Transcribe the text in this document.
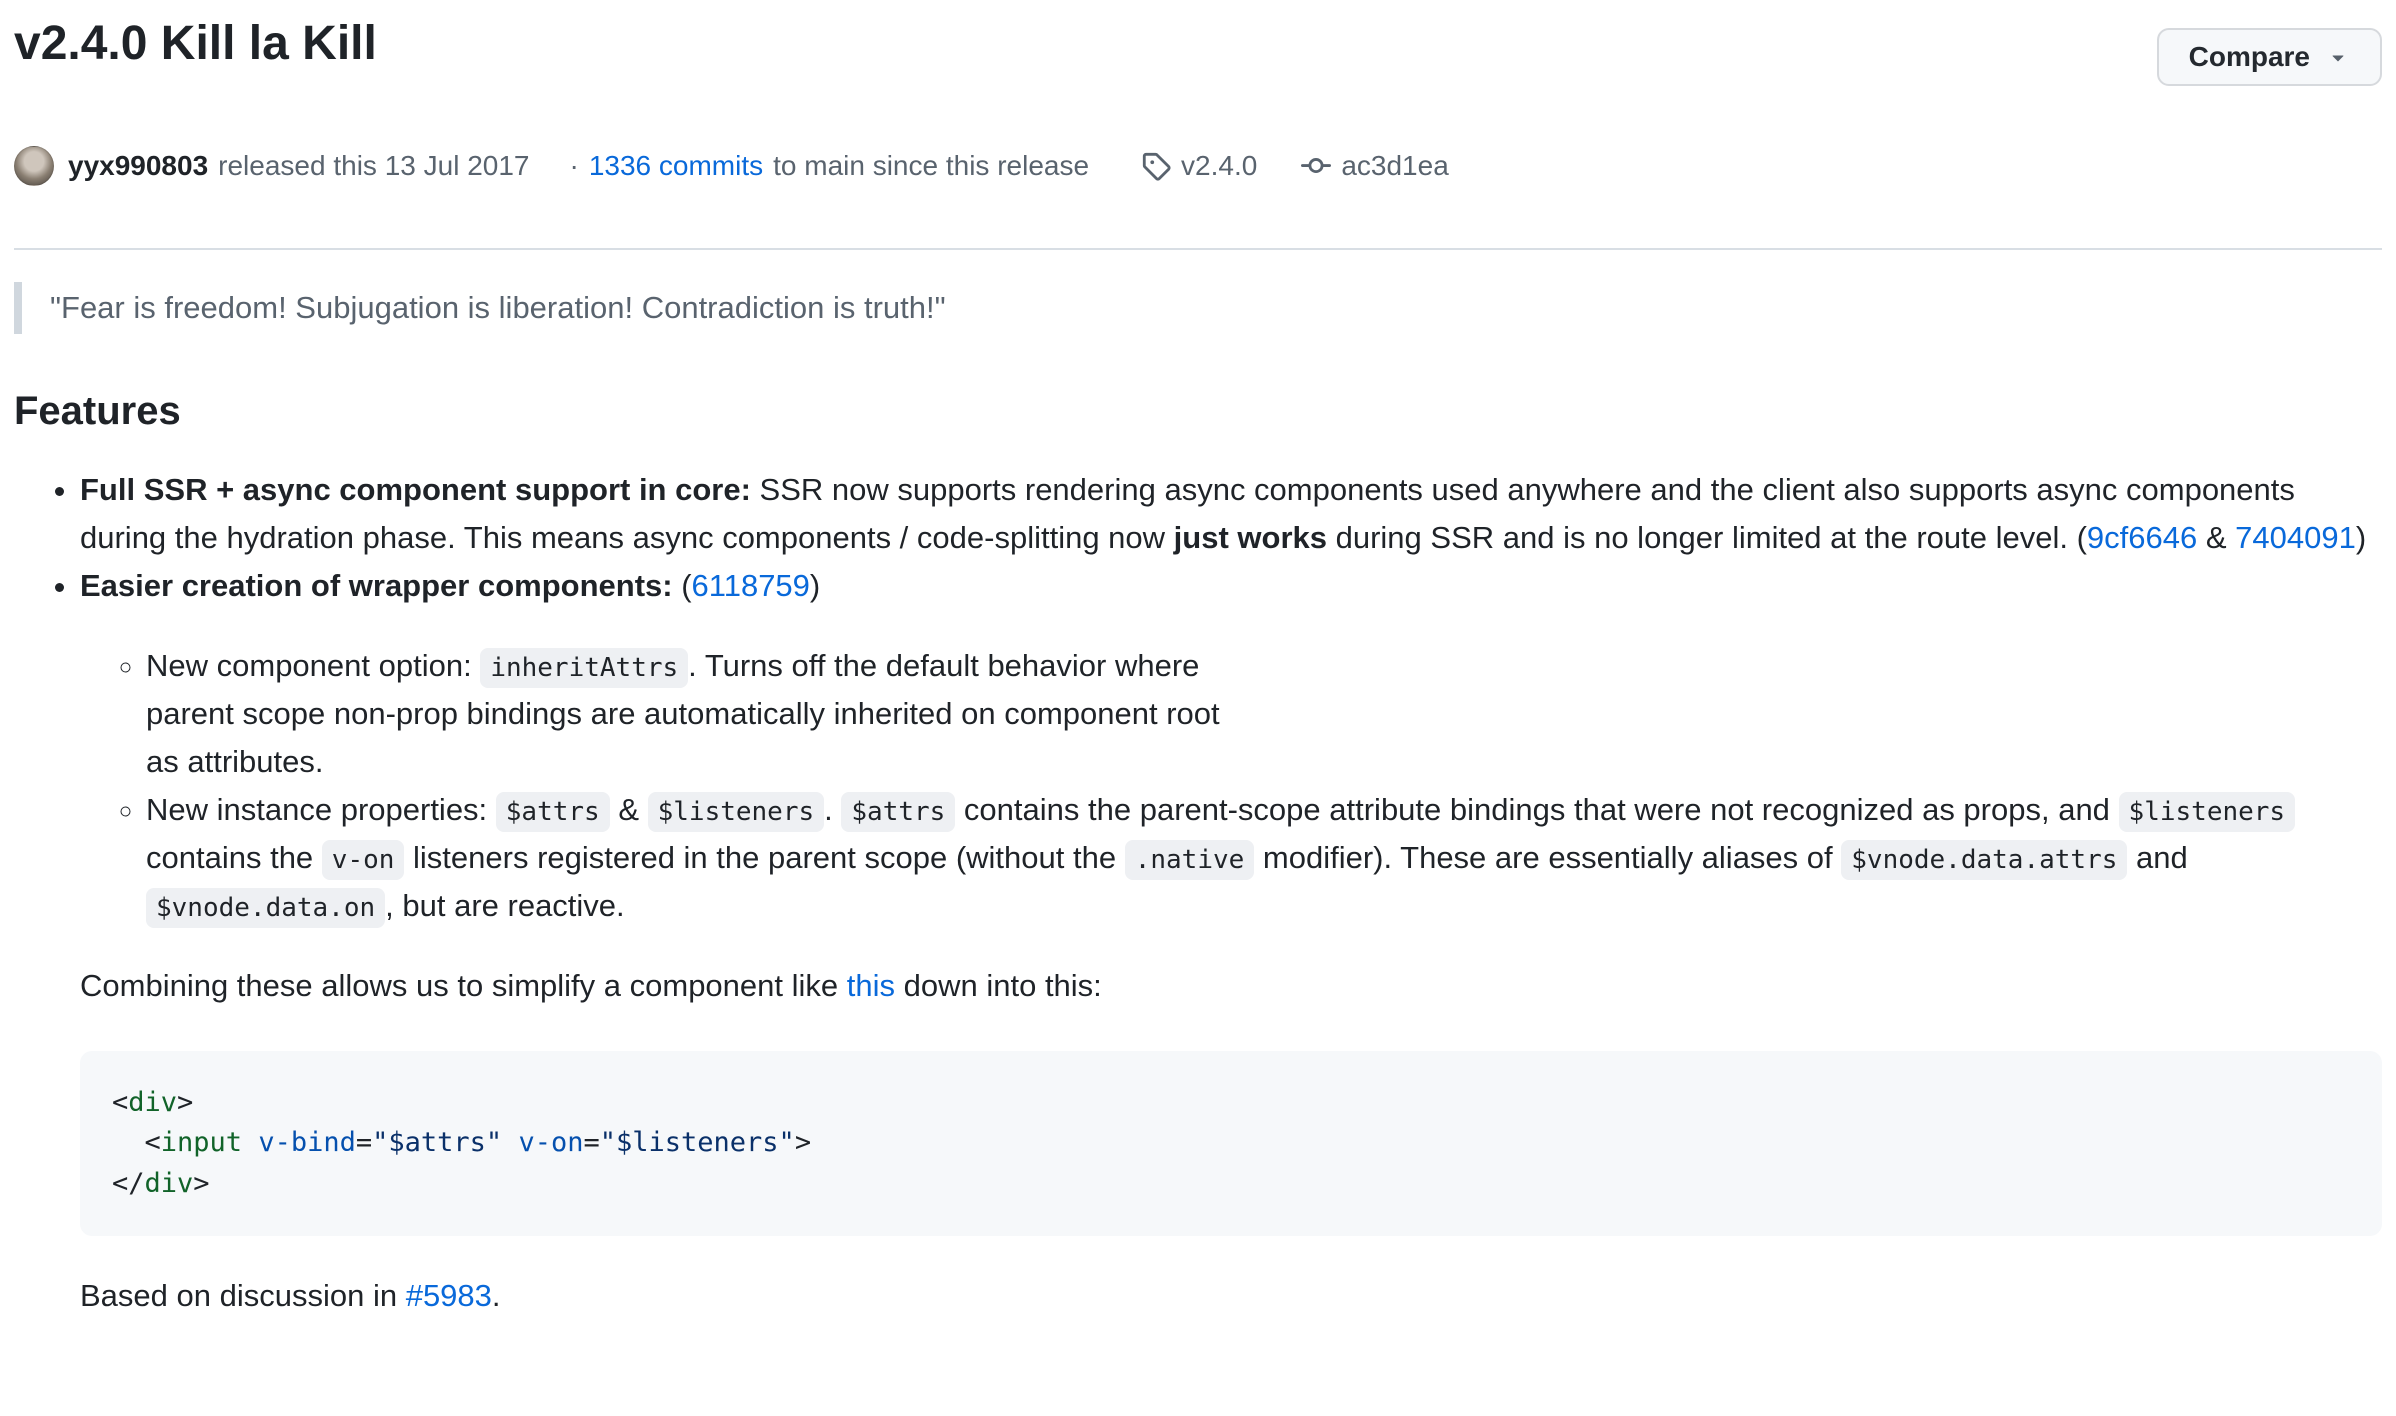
v2.4.0 Kill la Kill	Compare
yyx990803 released this 13 Jul 2017 · 1336 commits to main since this release	v2.4.0	ac3d1ea
"Fear is freedom! Subjugation is liberation! Contradiction is truth!"
Features

• Full SSR + async component support in core: SSR now supports rendering async components used anywhere and the client also supports async components during the hydration phase. This means async components / code-splitting now just works during SSR and is no longer limited at the route level. (9cf6646 & 7404091)

• Easier creation of wrapper components: (6118759)

◦ New component option: inheritAttrs . Turns off the default behavior where
parent scope non-prop bindings are automatically inherited on component root
as attributes.

◦ New instance properties: $attrs & $listeners . $attrs contains the parent-scope attribute bindings that were not recognized as props, and $listeners contains the v-on listeners registered in the parent scope (without the .native modifier). These are essentially aliases of $vnode.data.attrs and $vnode.data.on , but are reactive.

Combining these allows us to simplify a component like this down into this:

<div>
<input v-bind="$attrs" v-on="$listeners">
</div>

Based on discussion in #5983.
